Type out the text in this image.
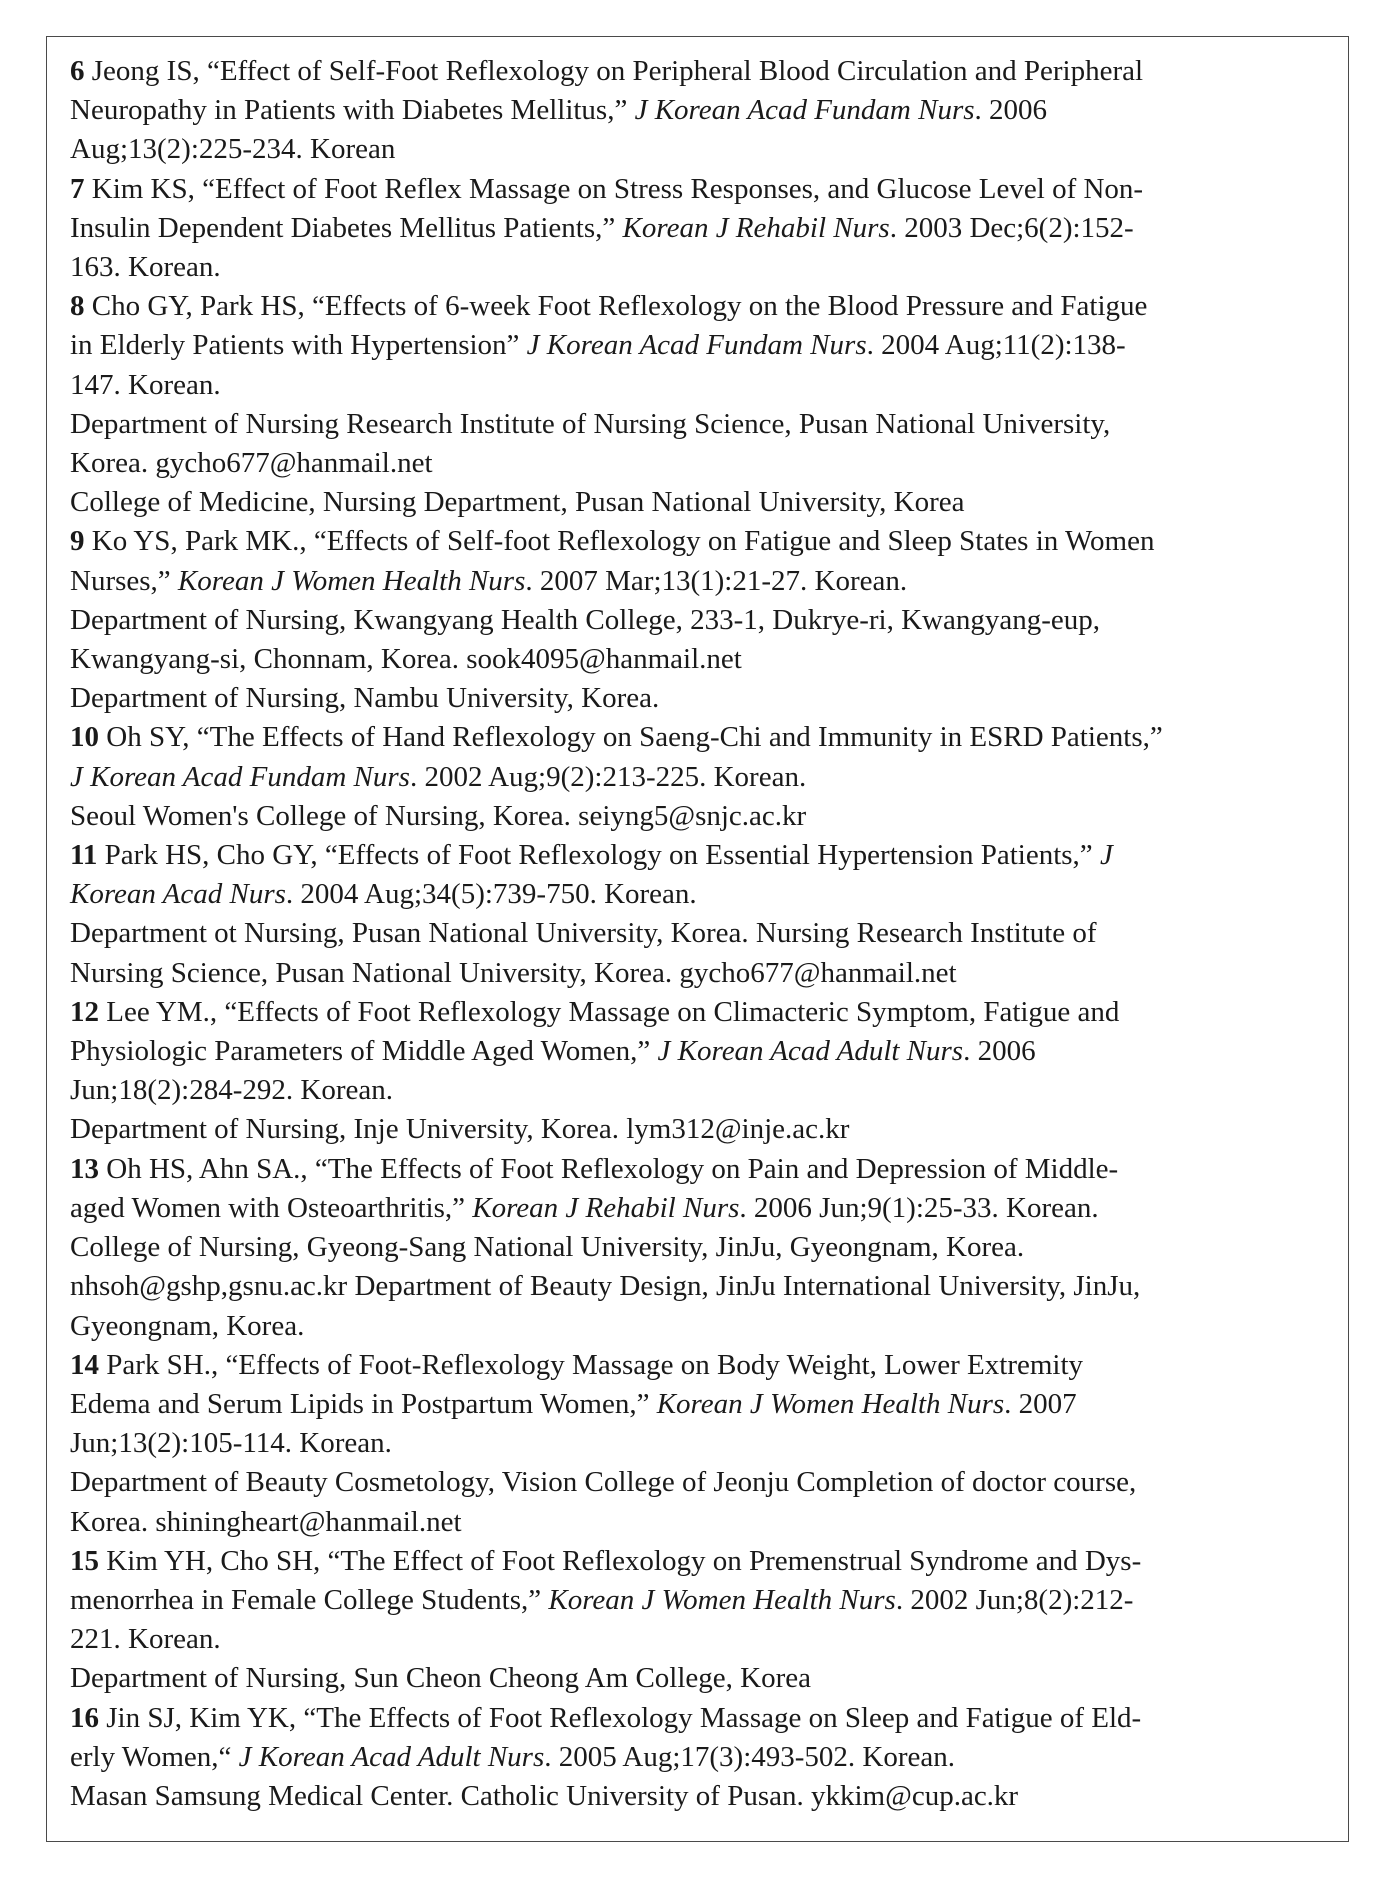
6 Jeong IS, “Effect of Self-Foot Reflexology on Peripheral Blood Circulation and Peripheral
Neuropathy in Patients with Diabetes Mellitus,” J Korean Acad Fundam Nurs. 2006
Aug;13(2):225-234. Korean
7 Kim KS, “Effect of Foot Reflex Massage on Stress Responses, and Glucose Level of Non-
Insulin Dependent Diabetes Mellitus Patients,” Korean J Rehabil Nurs. 2003 Dec;6(2):152-
163. Korean.
8 Cho GY, Park HS, “Effects of 6-week Foot Reflexology on the Blood Pressure and Fatigue
in Elderly Patients with Hypertension” J Korean Acad Fundam Nurs. 2004 Aug;11(2):138-
147. Korean.
Department of Nursing Research Institute of Nursing Science, Pusan National University,
Korea. gycho677@hanmail.net
College of Medicine, Nursing Department, Pusan National University, Korea
9 Ko YS, Park MK., “Effects of Self-foot Reflexology on Fatigue and Sleep States in Women
Nurses,” Korean J Women Health Nurs. 2007 Mar;13(1):21-27. Korean.
Department of Nursing, Kwangyang Health College, 233-1, Dukrye-ri, Kwangyang-eup,
Kwangyang-si, Chonnam, Korea. sook4095@hanmail.net
Department of Nursing, Nambu University, Korea.
10 Oh SY, “The Effects of Hand Reflexology on Saeng-Chi and Immunity in ESRD Patients,”
J Korean Acad Fundam Nurs. 2002 Aug;9(2):213-225. Korean.
Seoul Women's College of Nursing, Korea. seiyng5@snjc.ac.kr
11 Park HS, Cho GY, “Effects of Foot Reflexology on Essential Hypertension Patients,” J
Korean Acad Nurs. 2004 Aug;34(5):739-750. Korean.
Department ot Nursing, Pusan National University, Korea. Nursing Research Institute of
Nursing Science, Pusan National University, Korea. gycho677@hanmail.net
12 Lee YM., “Effects of Foot Reflexology Massage on Climacteric Symptom, Fatigue and
Physiologic Parameters of Middle Aged Women,” J Korean Acad Adult Nurs. 2006
Jun;18(2):284-292. Korean.
Department of Nursing, Inje University, Korea. lym312@inje.ac.kr
13 Oh HS, Ahn SA., “The Effects of Foot Reflexology on Pain and Depression of Middle-
aged Women with Osteoarthritis,” Korean J Rehabil Nurs. 2006 Jun;9(1):25-33. Korean.
College of Nursing, Gyeong-Sang National University, JinJu, Gyeongnam, Korea.
nhsoh@gshp,gsnu.ac.kr Department of Beauty Design, JinJu International University, JinJu,
Gyeongnam, Korea.
14 Park SH., “Effects of Foot-Reflexology Massage on Body Weight, Lower Extremity
Edema and Serum Lipids in Postpartum Women,” Korean J Women Health Nurs. 2007
Jun;13(2):105-114. Korean.
Department of Beauty Cosmetology, Vision College of Jeonju Completion of doctor course,
Korea. shiningheart@hanmail.net
15 Kim YH, Cho SH, “The Effect of Foot Reflexology on Premenstrual Syndrome and Dys-
menorrhea in Female College Students,” Korean J Women Health Nurs. 2002 Jun;8(2):212-
221. Korean.
Department of Nursing, Sun Cheon Cheong Am College, Korea
16 Jin SJ, Kim YK, “The Effects of Foot Reflexology Massage on Sleep and Fatigue of Eld-
erly Women,“ J Korean Acad Adult Nurs. 2005 Aug;17(3):493-502. Korean.
Masan Samsung Medical Center. Catholic University of Pusan. ykkim@cup.ac.kr
